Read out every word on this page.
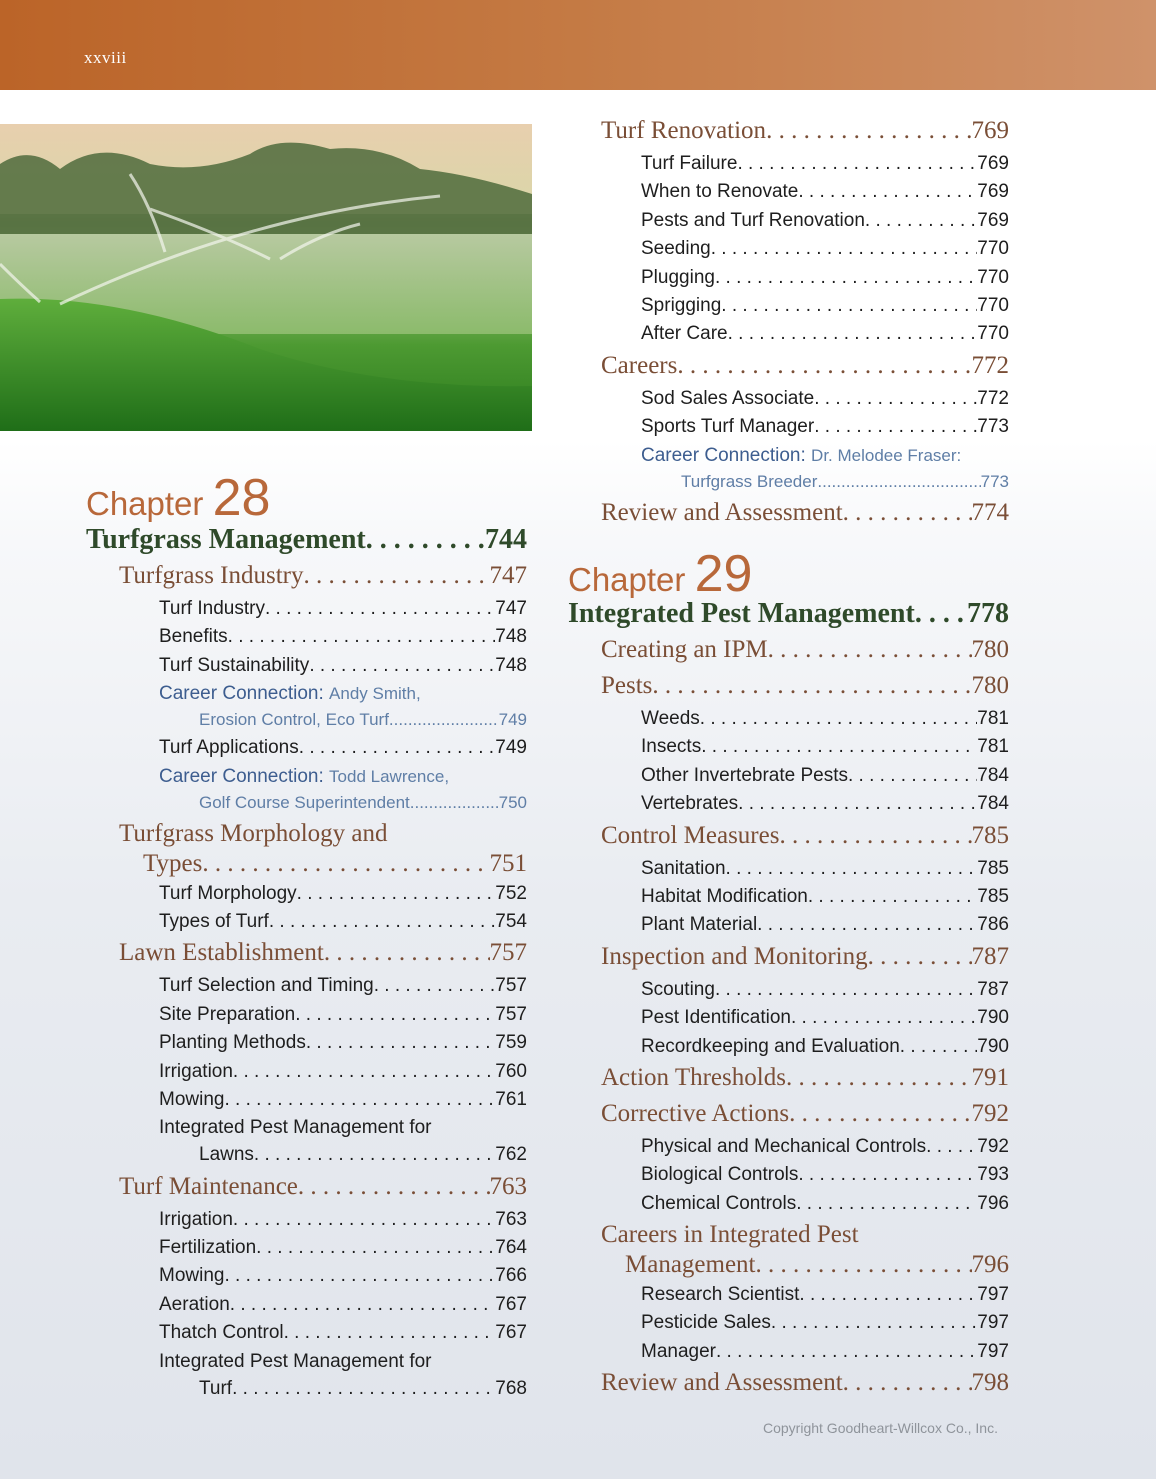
xxviii
Chapter 28
Turfgrass Management . . .	744
Turfgrass Industry . . .	747
Turf Industry . . .	747
Benefits . . .	748
Turf Sustainability . . .	748
Career Connection: Andy Smith,
Erosion Control, Eco Turf .....	749
Turf Applications . . .	749
Career Connection: Todd Lawrence,
Golf Course Superintendent .....	750
Turfgrass Morphology and
Types . . .	751
Turf Morphology . . .	752
Types of Turf . . .	754
Lawn Establishment . . .	757
Turf Selection and Timing . . .	757
Site Preparation . . .	757
Planting Methods . . .	759
Irrigation . . .	760
Mowing . . .	761
Integrated Pest Management for
Lawns . . .	762
Turf Maintenance . . .	763
Irrigation . . .	763
Fertilization . . .	764
Mowing . . .	766
Aeration . . .	767
Thatch Control . . .	767
Integrated Pest Management for
Turf . . .	768
Turf Renovation . . .	769
Turf Failure . . .	769
When to Renovate . . .	769
Pests and Turf Renovation . . .	769
Seeding . . .	770
Plugging . . .	770
Sprigging . . .	770
After Care . . .	770
Careers . . .	772
Sod Sales Associate . . .	772
Sports Turf Manager . . .	773
Career Connection: Dr. Melodee Fraser:
Turfgrass Breeder .....	773
Review and Assessment . . .	774
Chapter 29
Integrated Pest Management . . . 778
Creating an IPM . . .	780
Pests . . .	780
Weeds . . .	781
Insects . . .	781
Other Invertebrate Pests . . .	784
Vertebrates . . .	784
Control Measures . . .	785
Sanitation . . .	785
Habitat Modification . . .	785
Plant Material . . .	786
Inspection and Monitoring . . .	787
Scouting . . .	787
Pest Identification . . .	790
Recordkeeping and Evaluation . . .	790
Action Thresholds . . .	791
Corrective Actions . . .	792
Physical and Mechanical Controls . . .	792
Biological Controls . . .	793
Chemical Controls . . .	796
Careers in Integrated Pest
Management . . .	796
Research Scientist . . .	797
Pesticide Sales . . .	797
Manager . . .	797
Review and Assessment . . .	798
Copyright Goodheart-Willcox Co., Inc.
